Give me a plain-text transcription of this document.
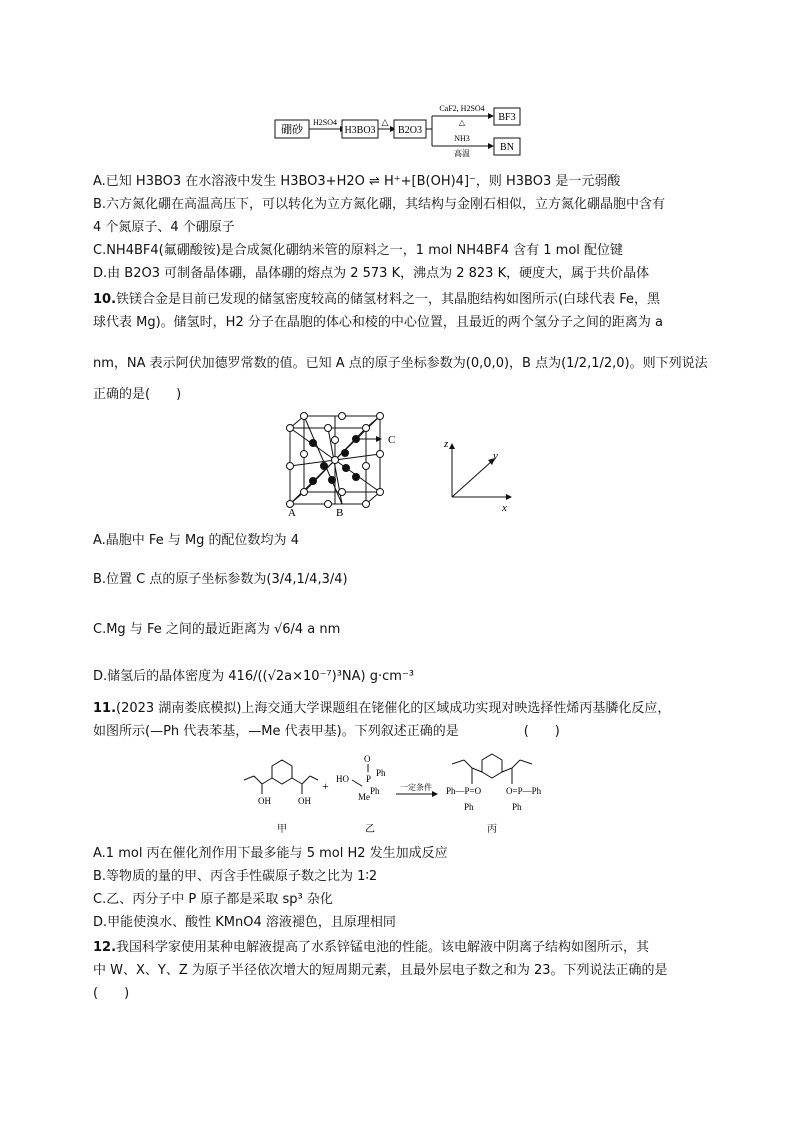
硼砂
H2SO4
H3BO3
△
B2O3
CaF2, H2SO4
△
NH3
高温
BF3
BN
A.已知 H3BO3 在水溶液中发生 H3BO3+H2O ⇌ H⁺+[B(OH)4]⁻，则 H3BO3 是一元弱酸
B.六方氮化硼在高温高压下，可以转化为立方氮化硼，其结构与金刚石相似，立方氮化硼晶胞中含有
4 个氮原子、4 个硼原子
C.NH4BF4(氟硼酸铵)是合成氮化硼纳米管的原料之一，1 mol NH4BF4 含有 1 mol 配位键
D.由 B2O3 可制备晶体硼，晶体硼的熔点为 2 573 K，沸点为 2 823 K，硬度大，属于共价晶体
10.铁镁合金是目前已发现的储氢密度较高的储氢材料之一，其晶胞结构如图所示(白球代表 Fe，黑
球代表 Mg)。储氢时，H2 分子在晶胞的体心和棱的中心位置，且最近的两个氢分子之间的距离为 a
nm，NA 表示阿伏加德罗常数的值。已知 A 点的原子坐标参数为(0,0,0)，B 点为(1/2,1/2,0)。则下列说法
正确的是(　　)
C
A	B
z
y
x
A.晶胞中 Fe 与 Mg 的配位数均为 4
B.位置 C 点的原子坐标参数为(3/4,1/4,3/4)
C.Mg 与 Fe 之间的最近距离为 √6/4 a nm
D.储氢后的晶体密度为 416/((√2a×10⁻⁷)³NA) g·cm⁻³
11.(2023 湖南娄底模拟)上海交通大学课题组在铑催化的区域成功实现对映选择性烯丙基膦化反应，
如图所示(—Ph 代表苯基，—Me 代表甲基)。下列叙述正确的是　　　　　(　　)
OH	OH
+ HO
Me
P
O
Ph
Ph	一定条件 Ph—P=O
Ph
O=P—Ph
Ph
甲	乙	丙
A.1 mol 丙在催化剂作用下最多能与 5 mol H2 发生加成反应
B.等物质的量的甲、丙含手性碳原子数之比为 1∶2
C.乙、丙分子中 P 原子都是采取 sp³ 杂化
D.甲能使溴水、酸性 KMnO4 溶液褪色，且原理相同
12.我国科学家使用某种电解液提高了水系锌锰电池的性能。该电解液中阴离子结构如图所示，其
中 W、X、Y、Z 为原子半径依次增大的短周期元素，且最外层电子数之和为 23。下列说法正确的是
(　　)
